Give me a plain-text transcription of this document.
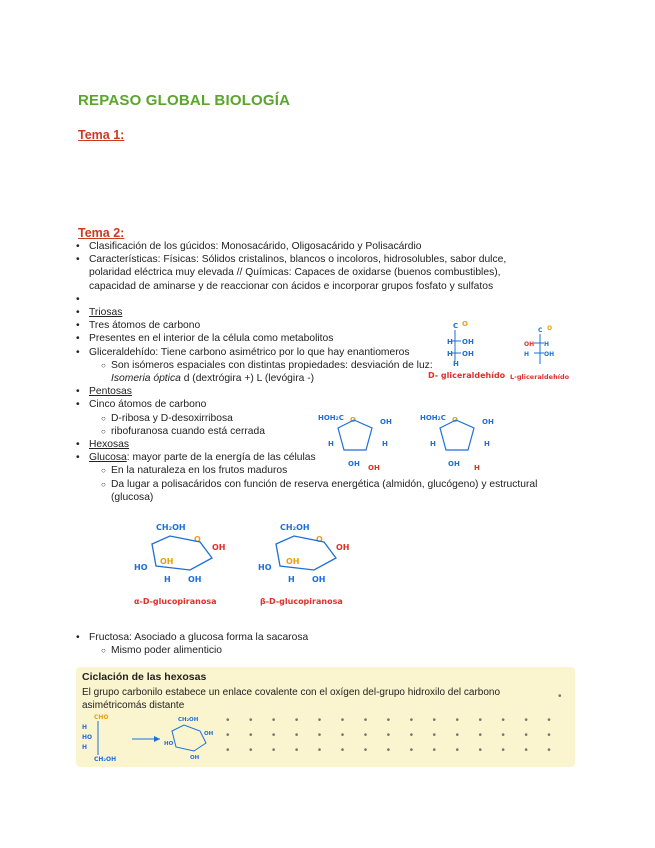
REPASO GLOBAL BIOLOGÍA
Tema 1:
Tema 2:
• Clasificación de los gúcidos: Monosacárido, Oligosacárido y Polisacárdio
• Características: Físicas: Sólidos cristalinos, blancos o incoloros, hidrosolubles, sabor dulce, polaridad eléctrica muy elevada // Químicas: Capaces de oxidarse (buenos combustibles), capacidad de aminarse y de reaccionar con ácidos e incorporar grupos fosfato y sulfatos
•
• Triosas
• Tres átomos de carbono
• Presentes en el interior de la célula como metabolitos
• Gliceraldehído: Tiene carbono asimétrico por lo que hay enantiomeros
○ Son isómeros espaciales con distintas propiedades: desviación de luz: Isomeria óptica d (dextrógira +) L (levógira -)
• Pentosas
• Cinco átomos de carbono
○ D-ribosa y D-desoxirribosa
○ ribofuranosa cuando está cerrada
• Hexosas
• Glucosa: mayor parte de la energía de las células
○ En la naturaleza en los frutos maduros
○ Da lugar a polisacáridos con función de reserva energética (almidón, glucógeno) y estructural (glucosa)
• Fructosa: Asociado a glucosa forma la sacarosa
○ Mismo poder alimenticio
C O
H OH
H OH
H
D- gliceraldehído
C O
OH H
H OH
L-gliceraldehído
HOH₂C O	OH
H	H
OH OH
HOH₂C O	OH
H	H
OH H
CH₂OH
O
HO
OH
OH
H OH
α-D-glucopiranosa
CH₂OH
O
HO
OH
OH
H OH
β-D-glucopiranosa
Ciclación de las hexosas
El grupo carbonilo estabece un enlace covalente con el oxígen del-grupo hidroxilo del carbono asimétricomás distante
CHO
H
HO
H
CH₂OH
CH₂OH
HO
OH
OH
•
•       •       •       •       •       •       •       •       •       •       •       •       •       •       •
•       •       •       •       •       •       •       •       •       •       •       •       •       •       •
•       •       •       •       •       •       •       •       •       •       •       •       •       •       •
